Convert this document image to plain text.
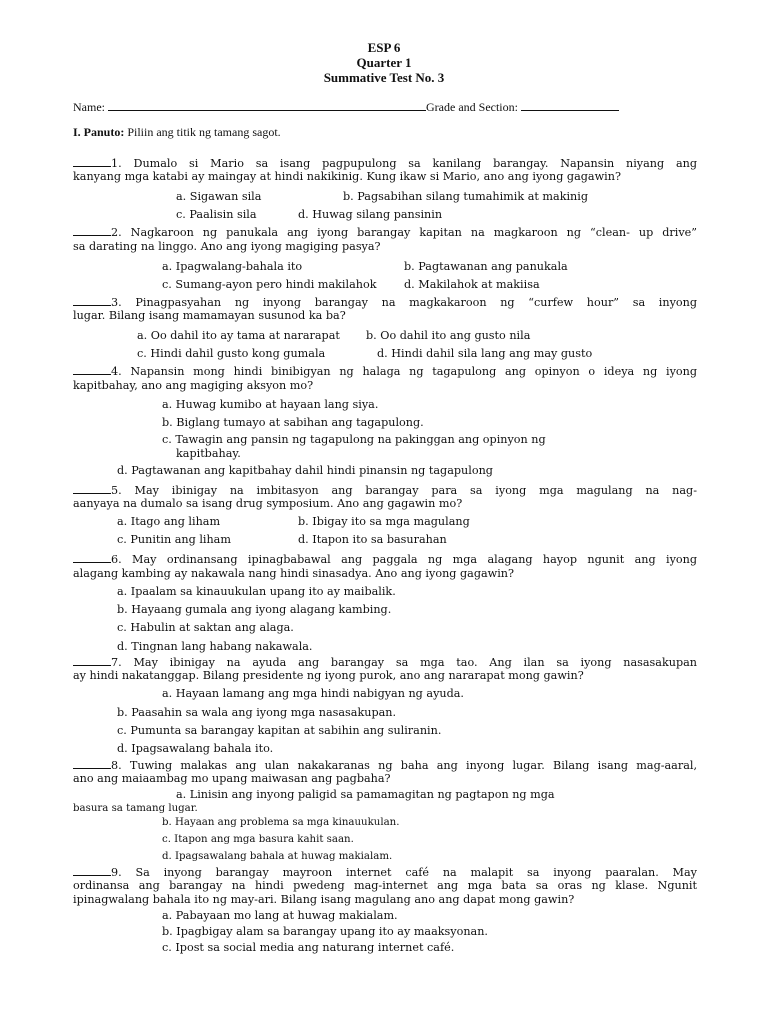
ESP 6
Quarter 1
Summative Test No. 3
Name:	Grade and Section:
I. Panuto: Piliin ang titik ng tamang sagot.
1. Dumalo si Mario sa isang pagpupulong sa kanilang barangay. Napansin niyang ang
kanyang mga katabi ay maingay at hindi nakikinig. Kung ikaw si Mario, ano ang iyong gagawin?
a. Sigawan sila	b. Pagsabihan silang tumahimik at makinig
c. Paalisin sila	d. Huwag silang pansinin
2. Nagkaroon ng panukala ang iyong barangay kapitan na magkaroon ng “clean- up drive”
sa darating na linggo. Ano ang iyong magiging pasya?
a. Ipagwalang-bahala ito	b. Pagtawanan ang panukala
c. Sumang-ayon pero hindi makilahok d. Makilahok at makiisa
3. Pinagpasyahan ng inyong barangay na magkakaroon ng “curfew hour” sa inyong
lugar. Bilang isang mamamayan susunod ka ba?
a. Oo dahil ito ay tama at nararapat b. Oo dahil ito ang gusto nila
c. Hindi dahil gusto kong gumala	d. Hindi dahil sila lang ang may gusto
4. Napansin mong hindi binibigyan ng halaga ng tagapulong ang opinyon o ideya ng iyong
kapitbahay, ano ang magiging aksyon mo?
a. Huwag kumibo at hayaan lang siya.
b. Biglang tumayo at sabihan ang tagapulong.
c. Tawagin ang pansin ng tagapulong na pakinggan ang opinyon ng
kapitbahay.
d. Pagtawanan ang kapitbahay dahil hindi pinansin ng tagapulong
5. May ibinigay na imbitasyon ang barangay para sa iyong mga magulang na nag-
aanyaya na dumalo sa isang drug symposium. Ano ang gagawin mo?
a. Itago ang liham	b. Ibigay ito sa mga magulang
c. Punitin ang liham	d. Itapon ito sa basurahan
6. May ordinansang ipinagbabawal ang paggala ng mga alagang hayop ngunit ang iyong
alagang kambing ay nakawala nang hindi sinasadya. Ano ang iyong gagawin?
a. Ipaalam sa kinauukulan upang ito ay maibalik.
b. Hayaang gumala ang iyong alagang kambing.
c. Habulin at saktan ang alaga.
d. Tingnan lang habang nakawala.
7. May ibinigay na ayuda ang barangay sa mga tao. Ang ilan sa iyong nasasakupan
ay hindi nakatanggap. Bilang presidente ng iyong purok, ano ang nararapat mong gawin?
a. Hayaan lamang ang mga hindi nabigyan ng ayuda.
b. Paasahin sa wala ang iyong mga nasasakupan.
c. Pumunta sa barangay kapitan at sabihin ang suliranin.
d. Ipagsawalang bahala ito.
8. Tuwing malakas ang ulan nakakaranas ng baha ang inyong lugar. Bilang isang mag-aaral,
ano ang maiaambag mo upang maiwasan ang pagbaha?
a. Linisin ang inyong paligid sa pamamagitan ng pagtapon ng mga
basura sa tamang lugar.
b. Hayaan ang problema sa mga kinauukulan.
c. Itapon ang mga basura kahit saan.
d. Ipagsawalang bahala at huwag makialam.
9. Sa inyong barangay mayroon internet café na malapit sa inyong paaralan. May
ordinansa ang barangay na hindi pwedeng mag-internet ang mga bata sa oras ng klase. Ngunit
ipinagwalang bahala ito ng may-ari. Bilang isang magulang ano ang dapat mong gawin?
a. Pabayaan mo lang at huwag makialam.
b. Ipagbigay alam sa barangay upang ito ay maaksyonan.
c. Ipost sa social media ang naturang internet café.
